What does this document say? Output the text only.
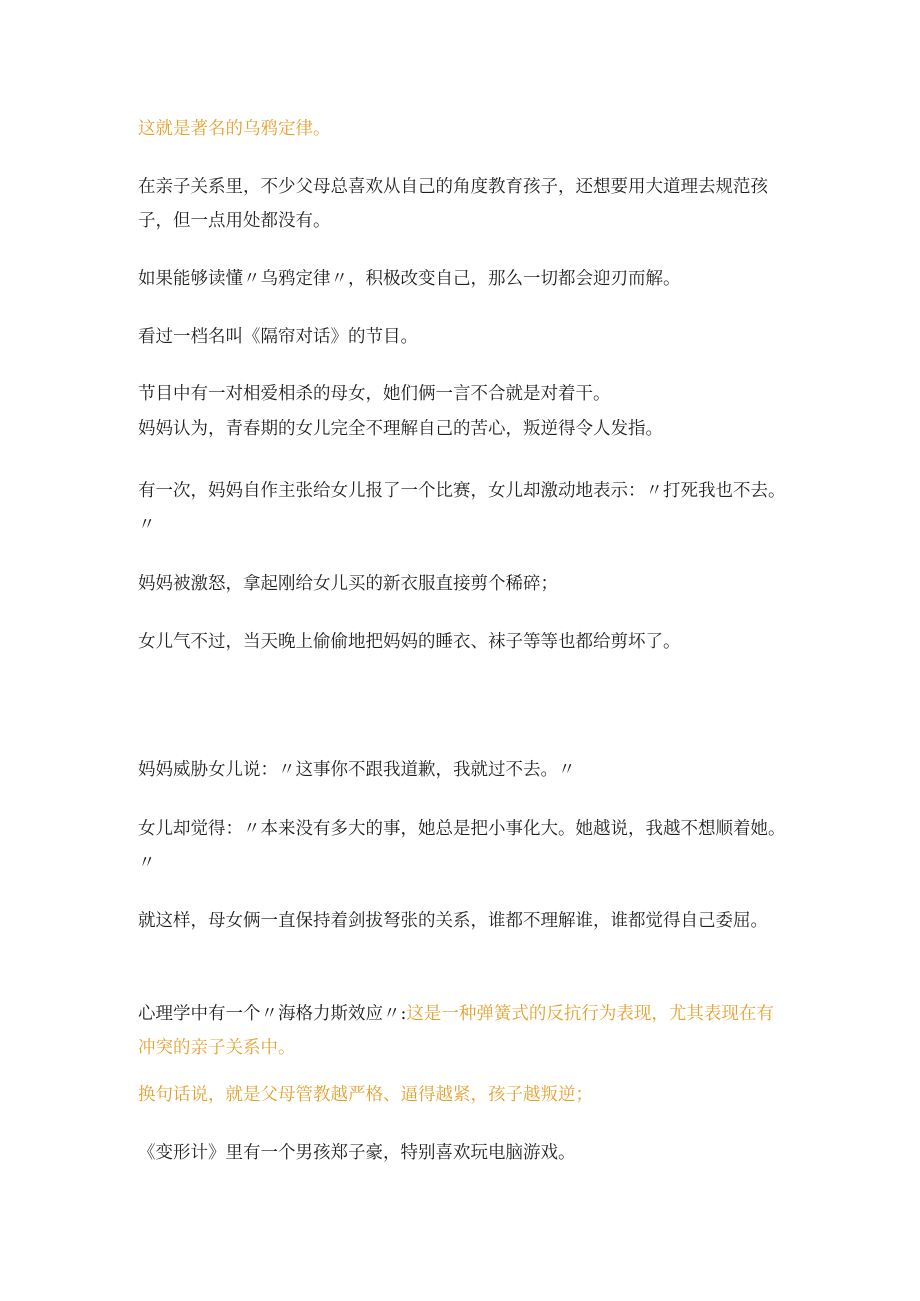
这就是著名的乌鸦定律。

在亲子关系里，不少父母总喜欢从自己的角度教育孩子，还想要用大道理去规范孩子，但一点用处都没有。

如果能够读懂〃乌鸦定律〃，积极改变自己，那么一切都会迎刃而解。

看过一档名叫《隔帘对话》的节目。

节目中有一对相爱相杀的母女，她们俩一言不合就是对着干。

妈妈认为，青春期的女儿完全不理解自己的苦心，叛逆得令人发指。

有一次，妈妈自作主张给女儿报了一个比赛，女儿却激动地表示：〃打死我也不去。〃

妈妈被激怒，拿起刚给女儿买的新衣服直接剪个稀碎；

女儿气不过，当天晚上偷偷地把妈妈的睡衣、袜子等等也都给剪坏了。

妈妈威胁女儿说：〃这事你不跟我道歉，我就过不去。〃

女儿却觉得：〃本来没有多大的事，她总是把小事化大。她越说，我越不想顺着她。〃

就这样，母女俩一直保持着剑拔弩张的关系，谁都不理解谁，谁都觉得自己委屈。

心理学中有一个〃海格力斯效应〃:这是一种弹簧式的反抗行为表现，尤其表现在有冲突的亲子关系中。

换句话说，就是父母管教越严格、逼得越紧，孩子越叛逆；

《变形计》里有一个男孩郑子豪，特别喜欢玩电脑游戏。
